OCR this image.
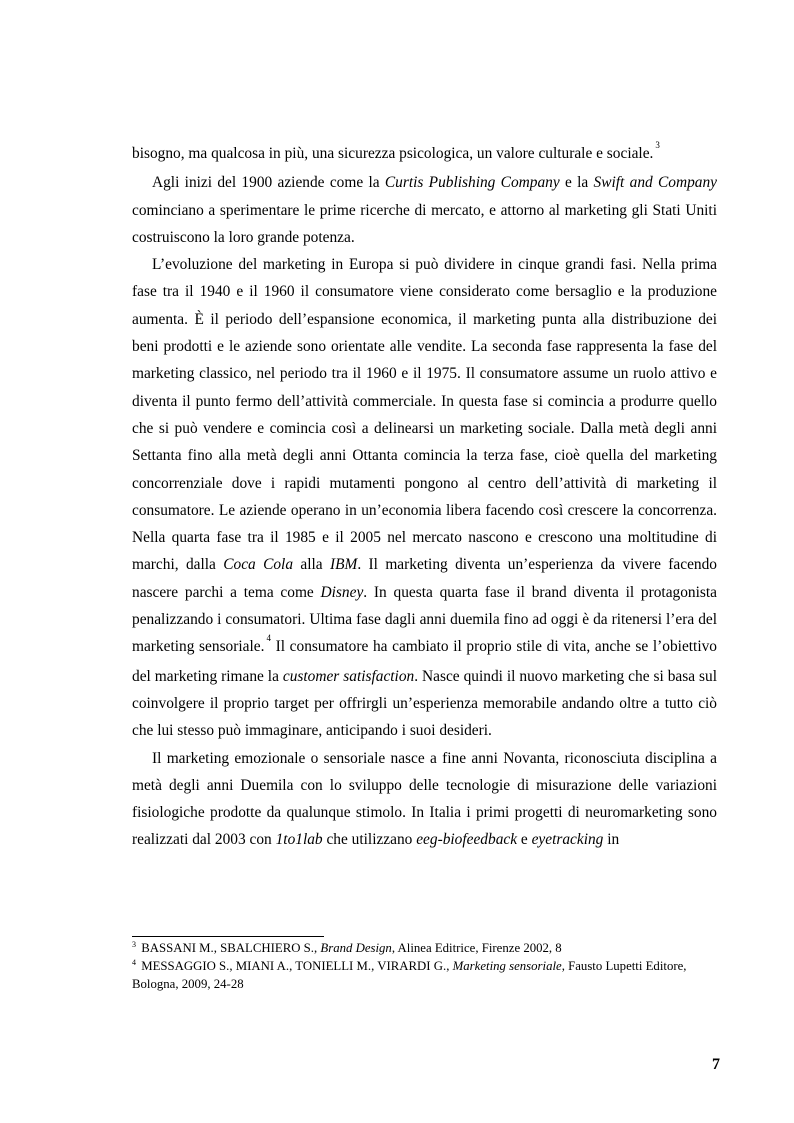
bisogno, ma qualcosa in più, una sicurezza psicologica, un valore culturale e sociale. $^3$

Agli inizi del 1900 aziende come la Curtis Publishing Company e la Swift and Company cominciano a sperimentare le prime ricerche di mercato, e attorno al marketing gli Stati Uniti costruiscono la loro grande potenza.

L’evoluzione del marketing in Europa si può dividere in cinque grandi fasi. Nella prima fase tra il 1940 e il 1960 il consumatore viene considerato come bersaglio e la produzione aumenta. È il periodo dell’espansione economica, il marketing punta alla distribuzione dei beni prodotti e le aziende sono orientate alle vendite. La seconda fase rappresenta la fase del marketing classico, nel periodo tra il 1960 e il 1975. Il consumatore assume un ruolo attivo e diventa il punto fermo dell’attività commerciale. In questa fase si comincia a produrre quello che si può vendere e comincia così a delinearsi un marketing sociale. Dalla metà degli anni Settanta fino alla metà degli anni Ottanta comincia la terza fase, cioè quella del marketing concorrenziale dove i rapidi mutamenti pongono al centro dell’attività di marketing il consumatore. Le aziende operano in un’economia libera facendo così crescere la concorrenza. Nella quarta fase tra il 1985 e il 2005 nel mercato nascono e crescono una moltitudine di marchi, dalla Coca Cola alla IBM. Il marketing diventa un’esperienza da vivere facendo nascere parchi a tema come Disney. In questa quarta fase il brand diventa il protagonista penalizzando i consumatori. Ultima fase dagli anni duemila fino ad oggi è da ritenersi l’era del marketing sensoriale. $^4$ Il consumatore ha cambiato il proprio stile di vita, anche se l’obiettivo del marketing rimane la customer satisfaction. Nasce quindi il nuovo marketing che si basa sul coinvolgere il proprio target per offrirgli un’esperienza memorabile andando oltre a tutto ciò che lui stesso può immaginare, anticipando i suoi desideri.

Il marketing emozionale o sensoriale nasce a fine anni Novanta, riconosciuta disciplina a metà degli anni Duemila con lo sviluppo delle tecnologie di misurazione delle variazioni fisiologiche prodotte da qualunque stimolo. In Italia i primi progetti di neuromarketing sono realizzati dal 2003 con 1to1lab che utilizzano eeg-biofeedback e eyetracking in

$^3$ BASSANI M., SBALCHIERO S., Brand Design, Alinea Editrice, Firenze 2002, 8

$^4$ MESSAGGIO S., MIANI A., TONIELLI M., VIRARDI G., Marketing sensoriale, Fausto Lupetti Editore, Bologna, 2009, 24-28

7
